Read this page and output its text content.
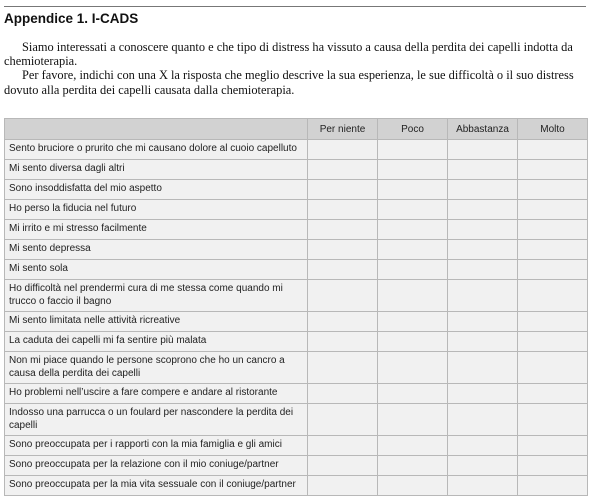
Appendice 1. I-CADS

Siamo interessati a conoscere quanto e che tipo di distress ha vissuto a causa della perdita dei capelli indotta da chemioterapia.

Per favore, indichi con una X la risposta che meglio descrive la sua esperienza, le sue difficoltà o il suo distress dovuto alla perdita dei capelli causata dalla chemioterapia.

	Per niente	Poco	Abbastanza	Molto
Sento bruciore o prurito che mi causano dolore al cuoio capelluto				
Mi sento diversa dagli altri				
Sono insoddisfatta del mio aspetto				
Ho perso la fiducia nel futuro				
Mi irrito e mi stresso facilmente				
Mi sento depressa				
Mi sento sola				
Ho difficoltà nel prendermi cura di me stessa come quando mi trucco o faccio il bagno				
Mi sento limitata nelle attività ricreative				
La caduta dei capelli mi fa sentire più malata				
Non mi piace quando le persone scoprono che ho un cancro a causa della perdita dei capelli				
Ho problemi nell’uscire a fare compere e andare al ristorante				
Indosso una parrucca o un foulard per nascondere la perdita dei capelli				
Sono preoccupata per i rapporti con la mia famiglia e gli amici				
Sono preoccupata per la relazione con il mio coniuge/partner				
Sono preoccupata per la mia vita sessuale con il coniuge/partner				
